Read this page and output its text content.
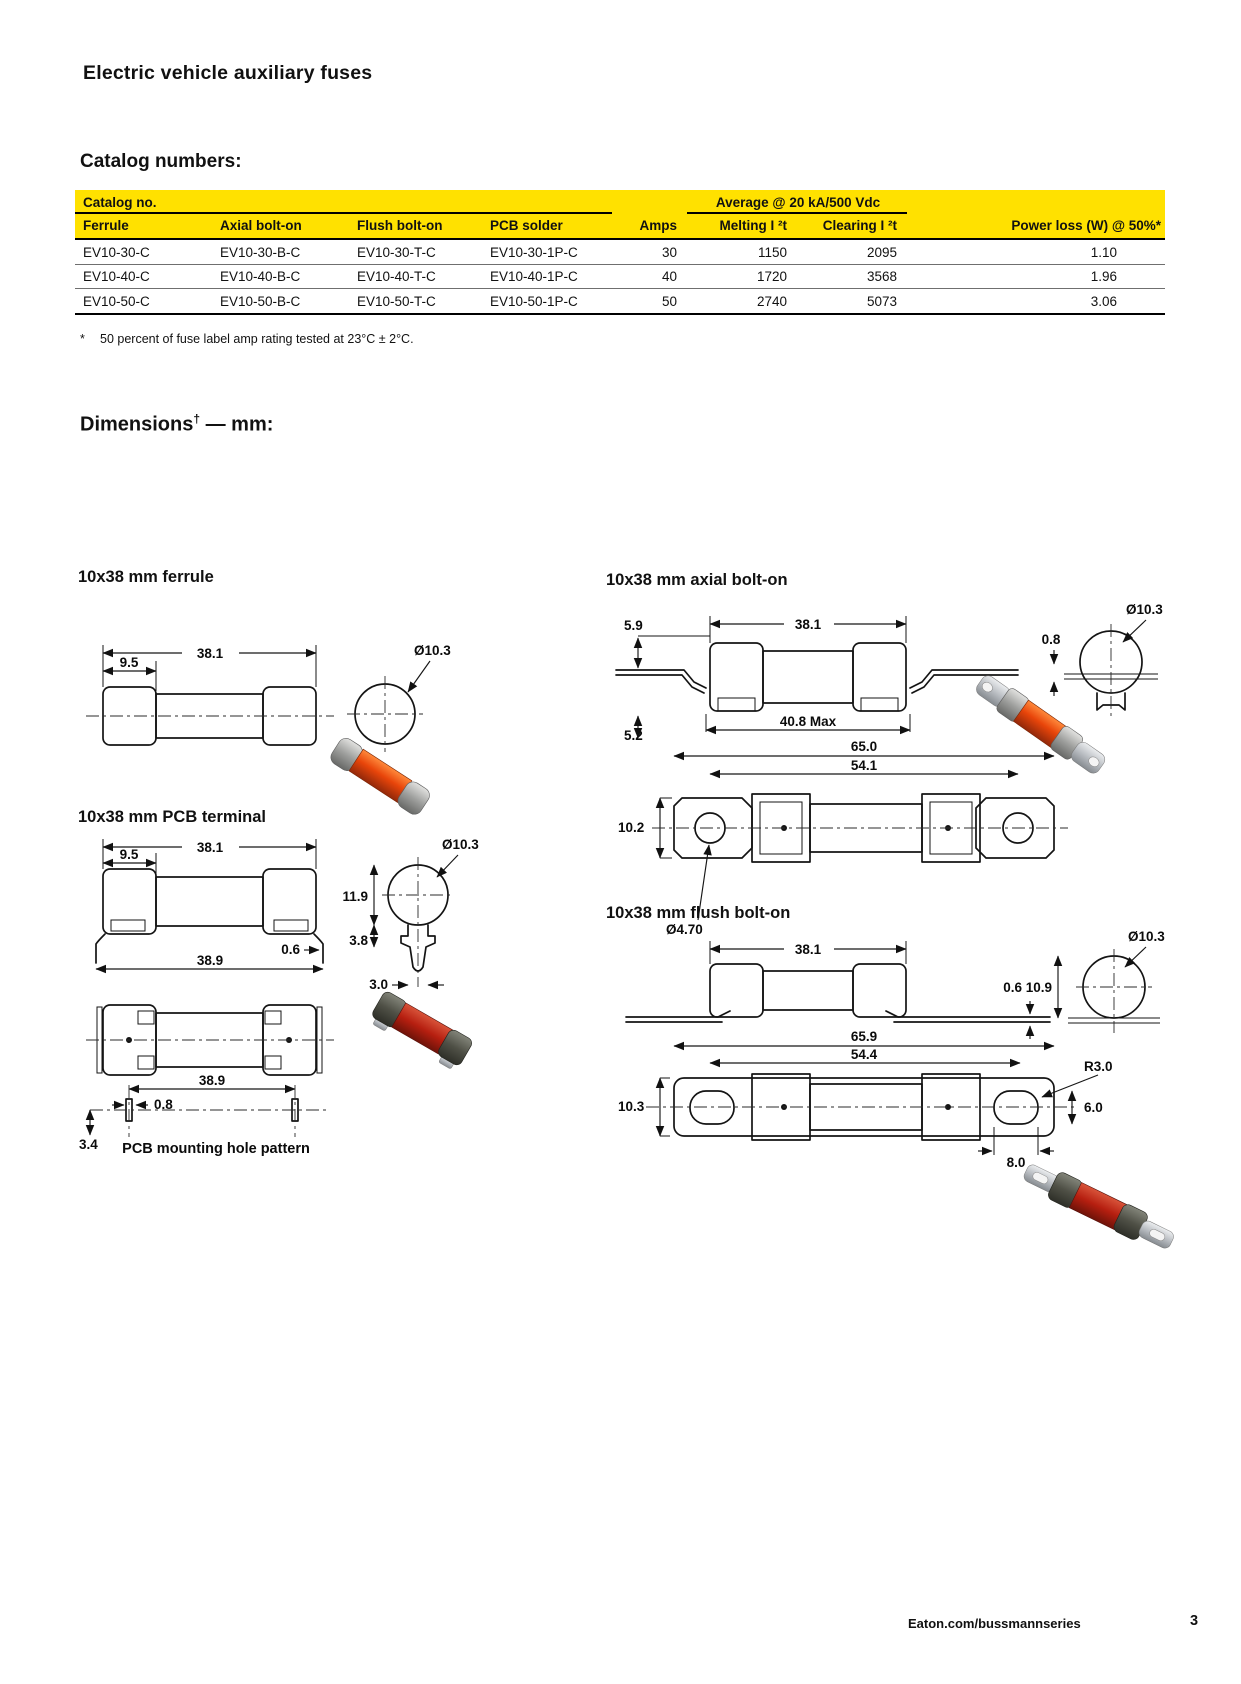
Electric vehicle auxiliary fuses
Catalog numbers:
Catalog no.					Average @ 20 kA/500 Vdc		
Ferrule	Axial bolt-on	Flush bolt-on	PCB solder	Amps	Melting I ²t	Clearing I ²t	Power loss (W) @ 50%*
EV10-30-C	EV10-30-B-C	EV10-30-T-C	EV10-30-1P-C	30	1150	2095	1.10
EV10-40-C	EV10-40-B-C	EV10-40-T-C	EV10-40-1P-C	40	1720	3568	1.96
EV10-50-C	EV10-50-B-C	EV10-50-T-C	EV10-50-1P-C	50	2740	5073	3.06
* 50 percent of fuse label amp rating tested at 23°C ± 2°C.
Dimensions† — mm:
10x38 mm ferrule
38.1
9.5
Ø10.3
10x38 mm PCB terminal
38.1
9.5
0.6
38.9
Ø10.3
11.9
3.8
3.0
38.9
0.8
3.4 PCB mounting hole pattern
10x38 mm axial bolt-on
5.9	38.1
40.8 Max
5.2
0.8
Ø10.3
65.0
54.1
10.2
Ø4.70
10x38 mm flush bolt-on
38.1
Ø10.3
10.9
0.6
65.9
54.4
10.3
R3.0
6.0
8.0
Eaton.com/bussmannseries	3
